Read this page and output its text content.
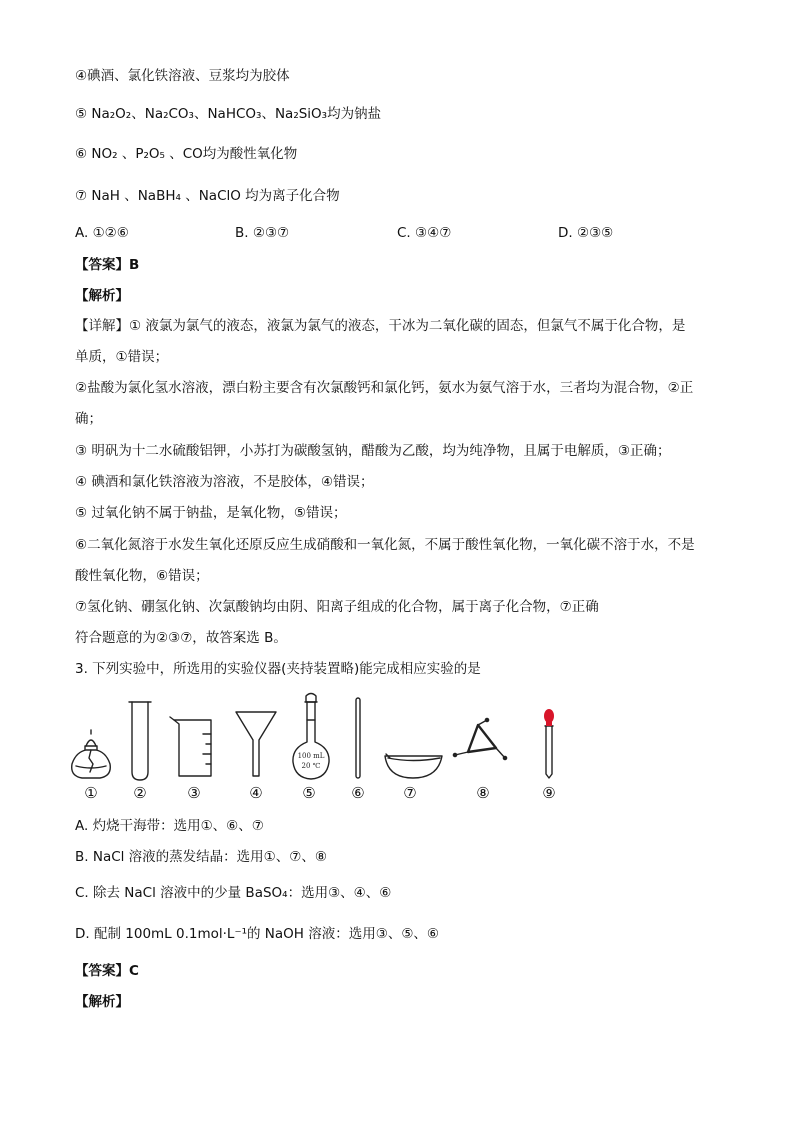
④碘酒、氯化铁溶液、豆浆均为胶体
⑤ Na₂O₂、Na₂CO₃、NaHCO₃、Na₂SiO₃均为钠盐
⑥ NO₂ 、P₂O₅ 、CO均为酸性氧化物
⑦ NaH 、NaBH₄ 、NaClO 均为离子化合物
A. ①②⑥	B. ②③⑦	C. ③④⑦	D. ②③⑤
【答案】B
【解析】
【详解】① 液氯为氯气的液态，液氯为氯气的液态，干冰为二氧化碳的固态，但氯气不属于化合物，是
单质，①错误；
②盐酸为氯化氢水溶液，漂白粉主要含有次氯酸钙和氯化钙，氨水为氨气溶于水，三者均为混合物，②正
确；
③ 明矾为十二水硫酸铝钾，小苏打为碳酸氢钠，醋酸为乙酸，均为纯净物，且属于电解质，③正确；
④ 碘酒和氯化铁溶液为溶液，不是胶体，④错误；
⑤ 过氧化钠不属于钠盐，是氧化物，⑤错误；
⑥二氧化氮溶于水发生氧化还原反应生成硝酸和一氧化氮，不属于酸性氧化物，一氧化碳不溶于水，不是
酸性氧化物，⑥错误；
⑦氢化钠、硼氢化钠、次氯酸钠均由阴、阳离子组成的化合物，属于离子化合物，⑦正确
符合题意的为②③⑦，故答案选 B。
3. 下列实验中，所选用的实验仪器(夹持装置略)能完成相应实验的是
100 mL
20 ℃
①	②	③	④	⑤	⑥	⑦	⑧	⑨
A. 灼烧干海带：选用①、⑥、⑦
B. NaCl 溶液的蒸发结晶：选用①、⑦、⑧
C. 除去 NaCl 溶液中的少量 BaSO₄：选用③、④、⑥
D. 配制 100mL 0.1mol·L⁻¹的 NaOH 溶液：选用③、⑤、⑥
【答案】C
【解析】
